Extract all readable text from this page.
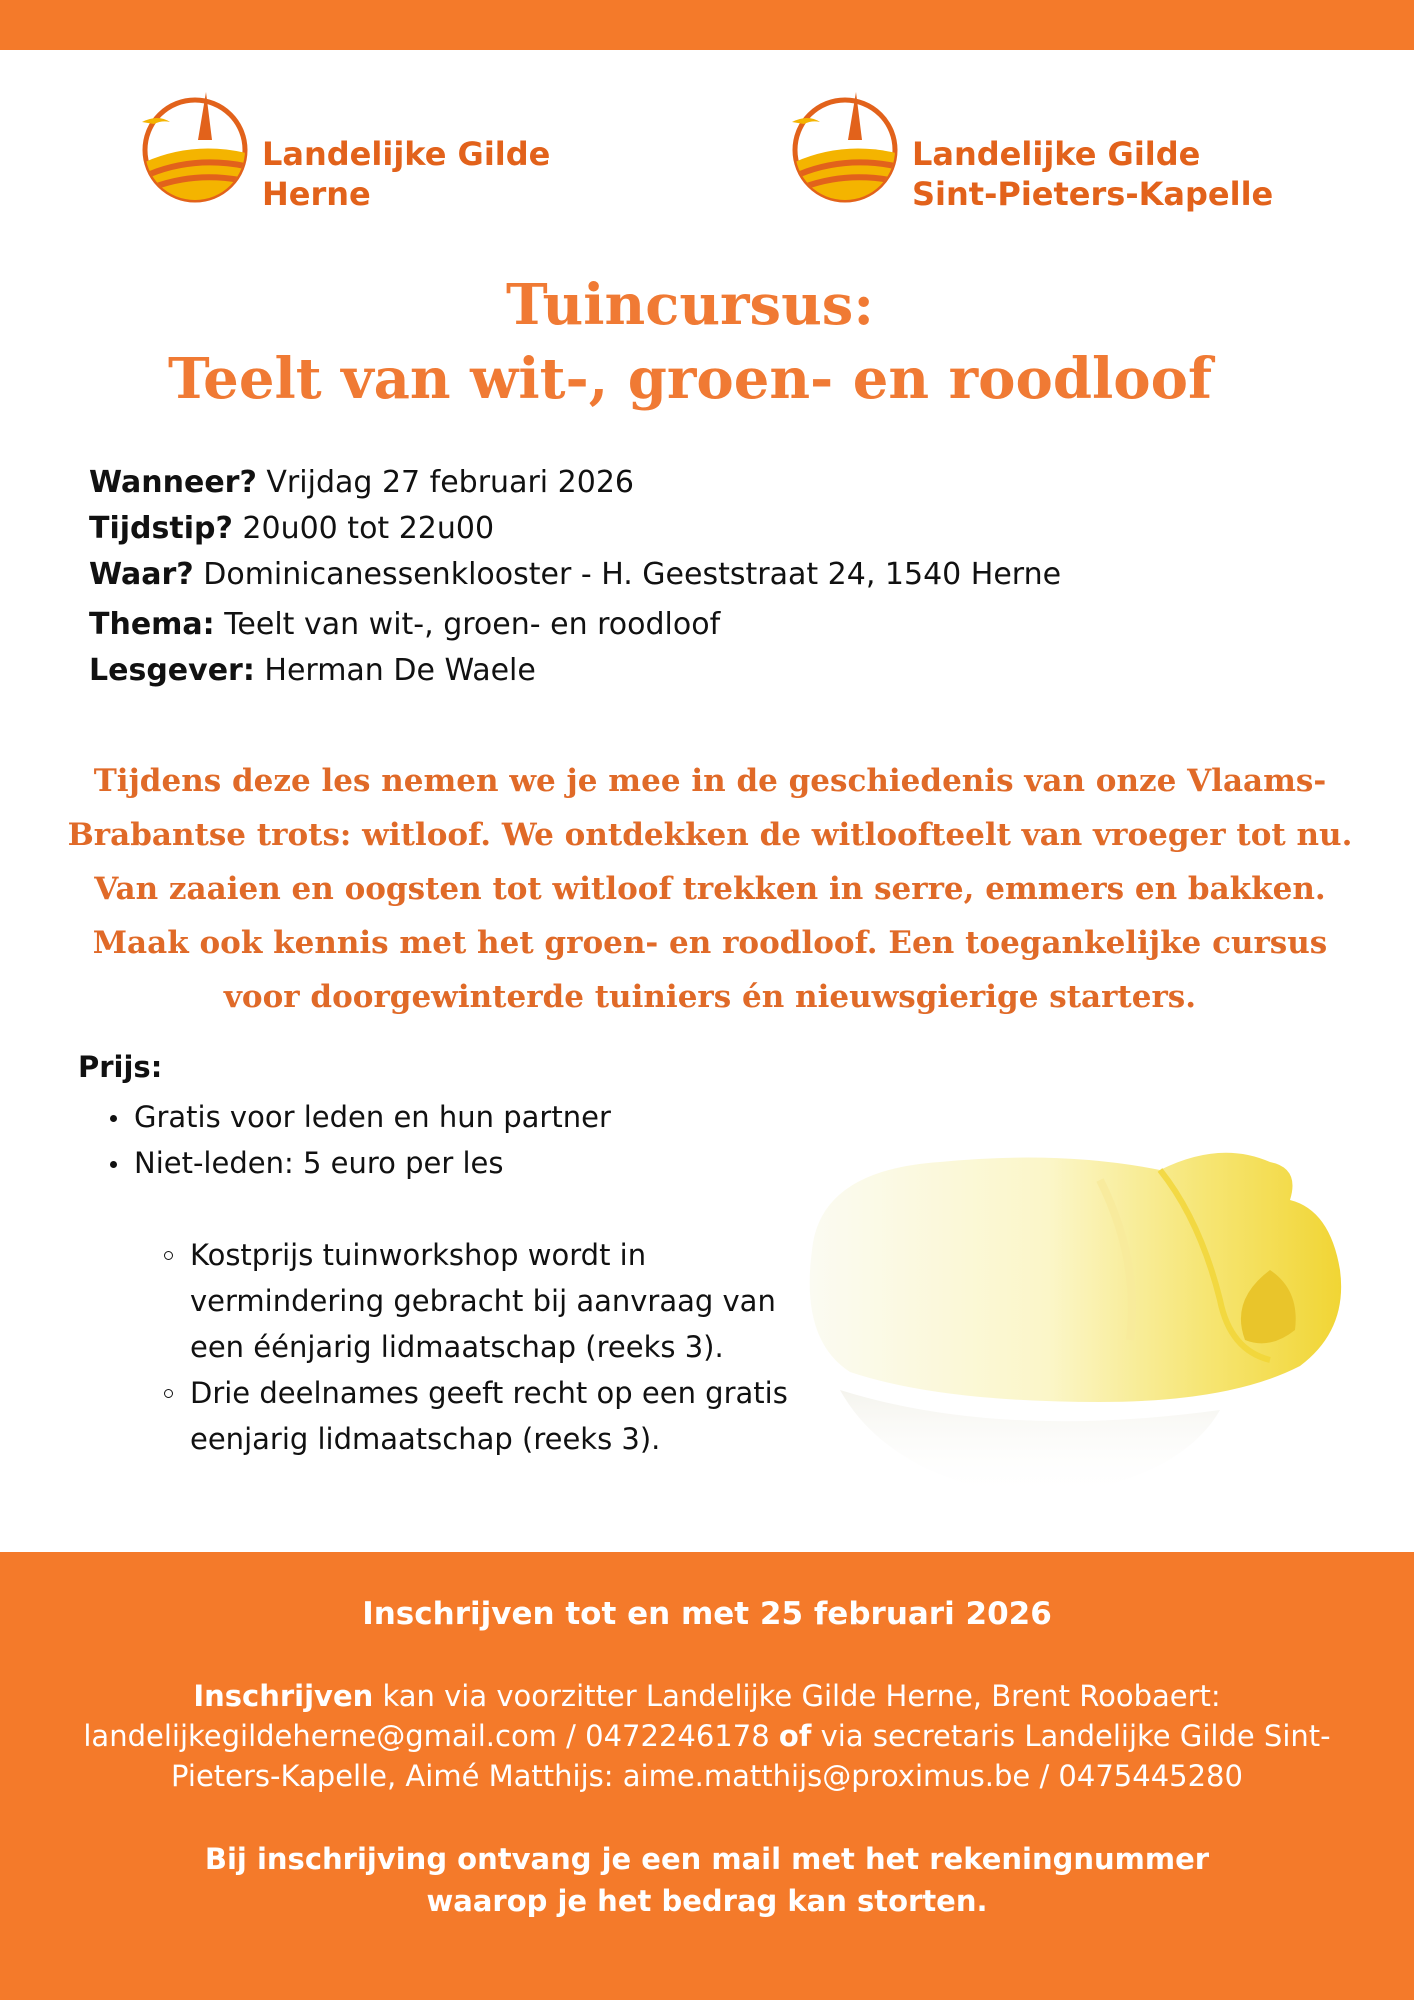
Landelijke Gilde
Herne
Landelijke Gilde
Sint-Pieters-Kapelle
Tuincursus:
Teelt van wit-, groen- en roodloof
Wanneer? Vrijdag 27 februari 2026
Tijdstip? 20u00 tot 22u00
Waar? Dominicanessenklooster - H. Geeststraat 24, 1540 Herne
Thema: Teelt van wit-, groen- en roodloof
Lesgever: Herman De Waele
Tijdens deze les nemen we je mee in de geschiedenis van onze Vlaams-Brabantse trots: witloof. We ontdekken de witloofteelt van vroeger tot nu. Van zaaien en oogsten tot witloof trekken in serre, emmers en bakken. Maak ook kennis met het groen- en roodloof. Een toegankelijke cursus voor doorgewinterde tuiniers én nieuwsgierige starters.
Prijs:
Gratis voor leden en hun partner
Niet-leden: 5 euro per les
Kostprijs tuinworkshop wordt in vermindering gebracht bij aanvraag van een éénjarig lidmaatschap (reeks 3).
Drie deelnames geeft recht op een gratis eenjarig lidmaatschap (reeks 3).
Inschrijven tot en met 25 februari 2026
Inschrijven kan via voorzitter Landelijke Gilde Herne, Brent Roobaert: landelijkegildeherne@gmail.com / 0472246178 of via secretaris Landelijke Gilde Sint-Pieters-Kapelle, Aimé Matthijs: aime.matthijs@proximus.be / 0475445280
Bij inschrijving ontvang je een mail met het rekeningnummer waarop je het bedrag kan storten.
